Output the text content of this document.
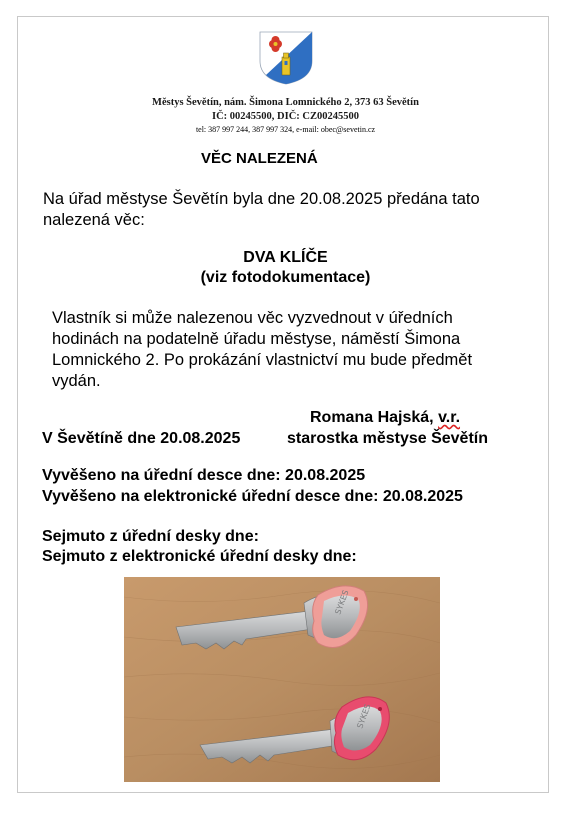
Městys Ševětín, nám. Šimona Lomnického 2, 373 63 Ševětín
IČ: 00245500, DIČ: CZ00245500
tel: 387 997 244, 387 997 324, e-mail: obec@sevetin.cz
VĚC NALEZENÁ
Na úřad městyse Ševětín byla dne 20.08.2025 předána tato nalezená věc:
DVA KLÍČE
(viz fotodokumentace)
Vlastník si může nalezenou věc vyzvednout v úředních hodinách na podatelně úřadu městyse, náměstí Šimona Lomnického 2. Po prokázání vlastnictví mu bude předmět vydán.
Romana Hajská, v.r.
V Ševětíně dne 20.08.2025	starostka městyse Ševětín
Vyvěšeno na úřední desce dne: 20.08.2025
Vyvěšeno na elektronické úřední desce dne: 20.08.2025
Sejmuto z úřední desky dne:
Sejmuto z elektronické úřední desky dne:
SYKES
SYKES
